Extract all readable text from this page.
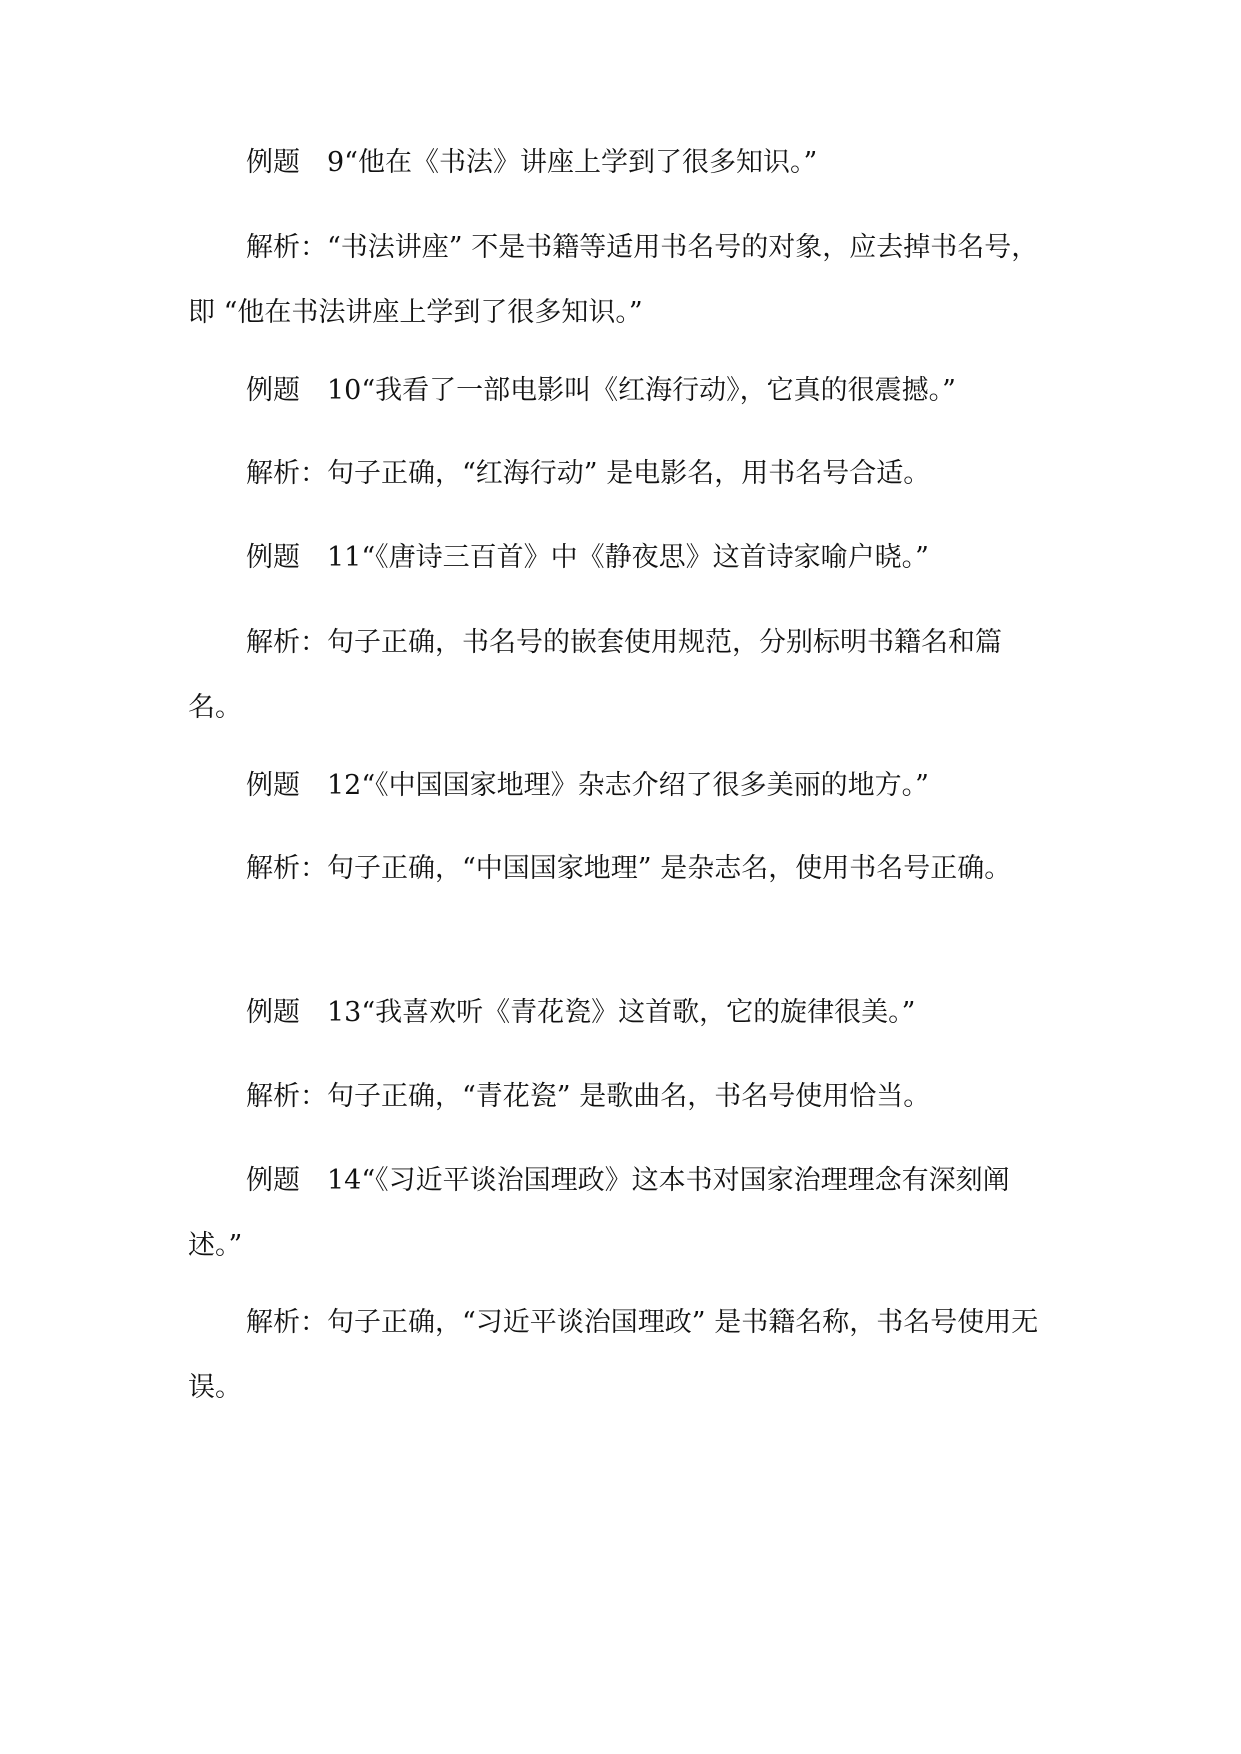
例题　9“他在《书法》讲座上学到了很多知识。”

解析：“书法讲座” 不是书籍等适用书名号的对象，应去掉书名号，即 “他在书法讲座上学到了很多知识。”

例题　10“我看了一部电影叫《红海行动》，它真的很震撼。”

解析：句子正确，“红海行动” 是电影名，用书名号合适。

例题　11“《唐诗三百首》中《静夜思》这首诗家喻户晓。”

解析：句子正确，书名号的嵌套使用规范，分别标明书籍名和篇名。

例题　12“《中国国家地理》杂志介绍了很多美丽的地方。”

解析：句子正确，“中国国家地理” 是杂志名，使用书名号正确。

例题　13“我喜欢听《青花瓷》这首歌，它的旋律很美。”

解析：句子正确，“青花瓷” 是歌曲名，书名号使用恰当。

例题　14“《习近平谈治国理政》这本书对国家治理理念有深刻阐述。”

解析：句子正确，“习近平谈治国理政” 是书籍名称，书名号使用无误。
